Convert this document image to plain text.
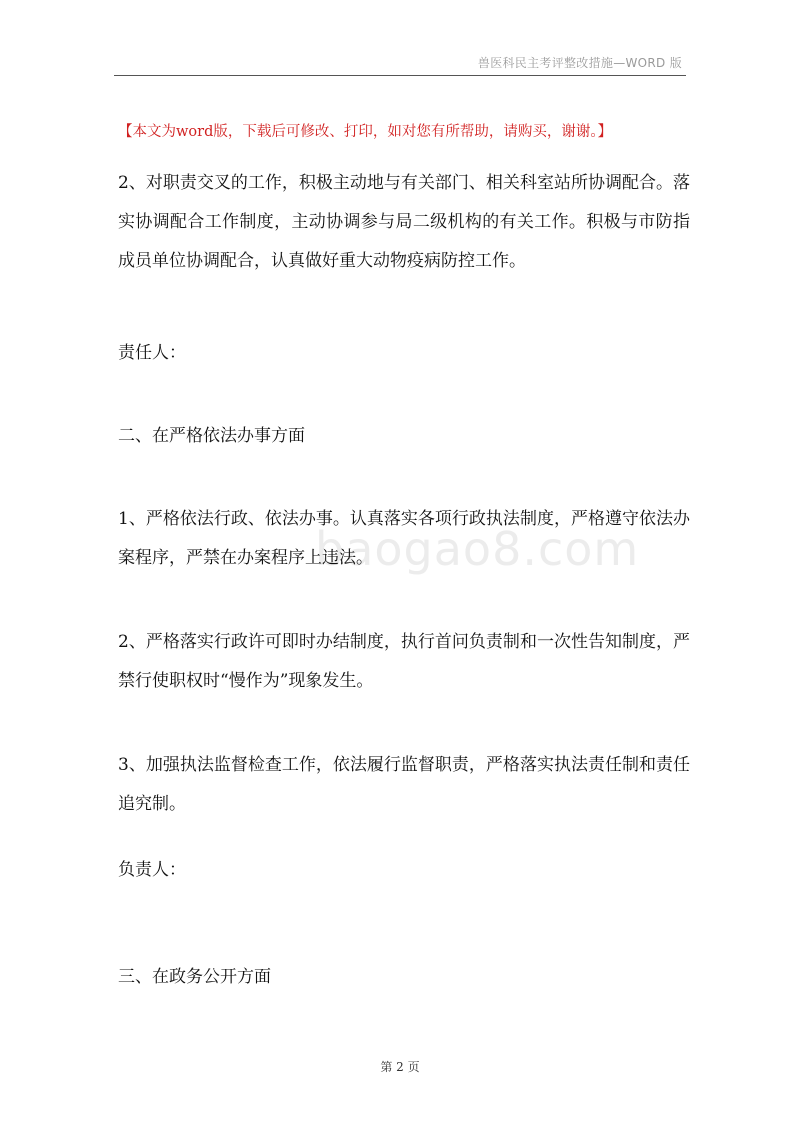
兽医科民主考评整改措施—WORD 版
【本文为word版，下载后可修改、打印，如对您有所帮助，请购买，谢谢。】
baogao8.com

2、对职责交叉的工作，积极主动地与有关部门、相关科室站所协调配合。落实协调配合工作制度，主动协调参与局二级机构的有关工作。积极与市防指成员单位协调配合，认真做好重大动物疫病防控工作。

责任人：

二、在严格依法办事方面

1、严格依法行政、依法办事。认真落实各项行政执法制度，严格遵守依法办案程序，严禁在办案程序上违法。

2、严格落实行政许可即时办结制度，执行首问负责制和一次性告知制度，严禁行使职权时“慢作为”现象发生。

3、加强执法监督检查工作，依法履行监督职责，严格落实执法责任制和责任追究制。

负责人：

三、在政务公开方面

第 2 页
